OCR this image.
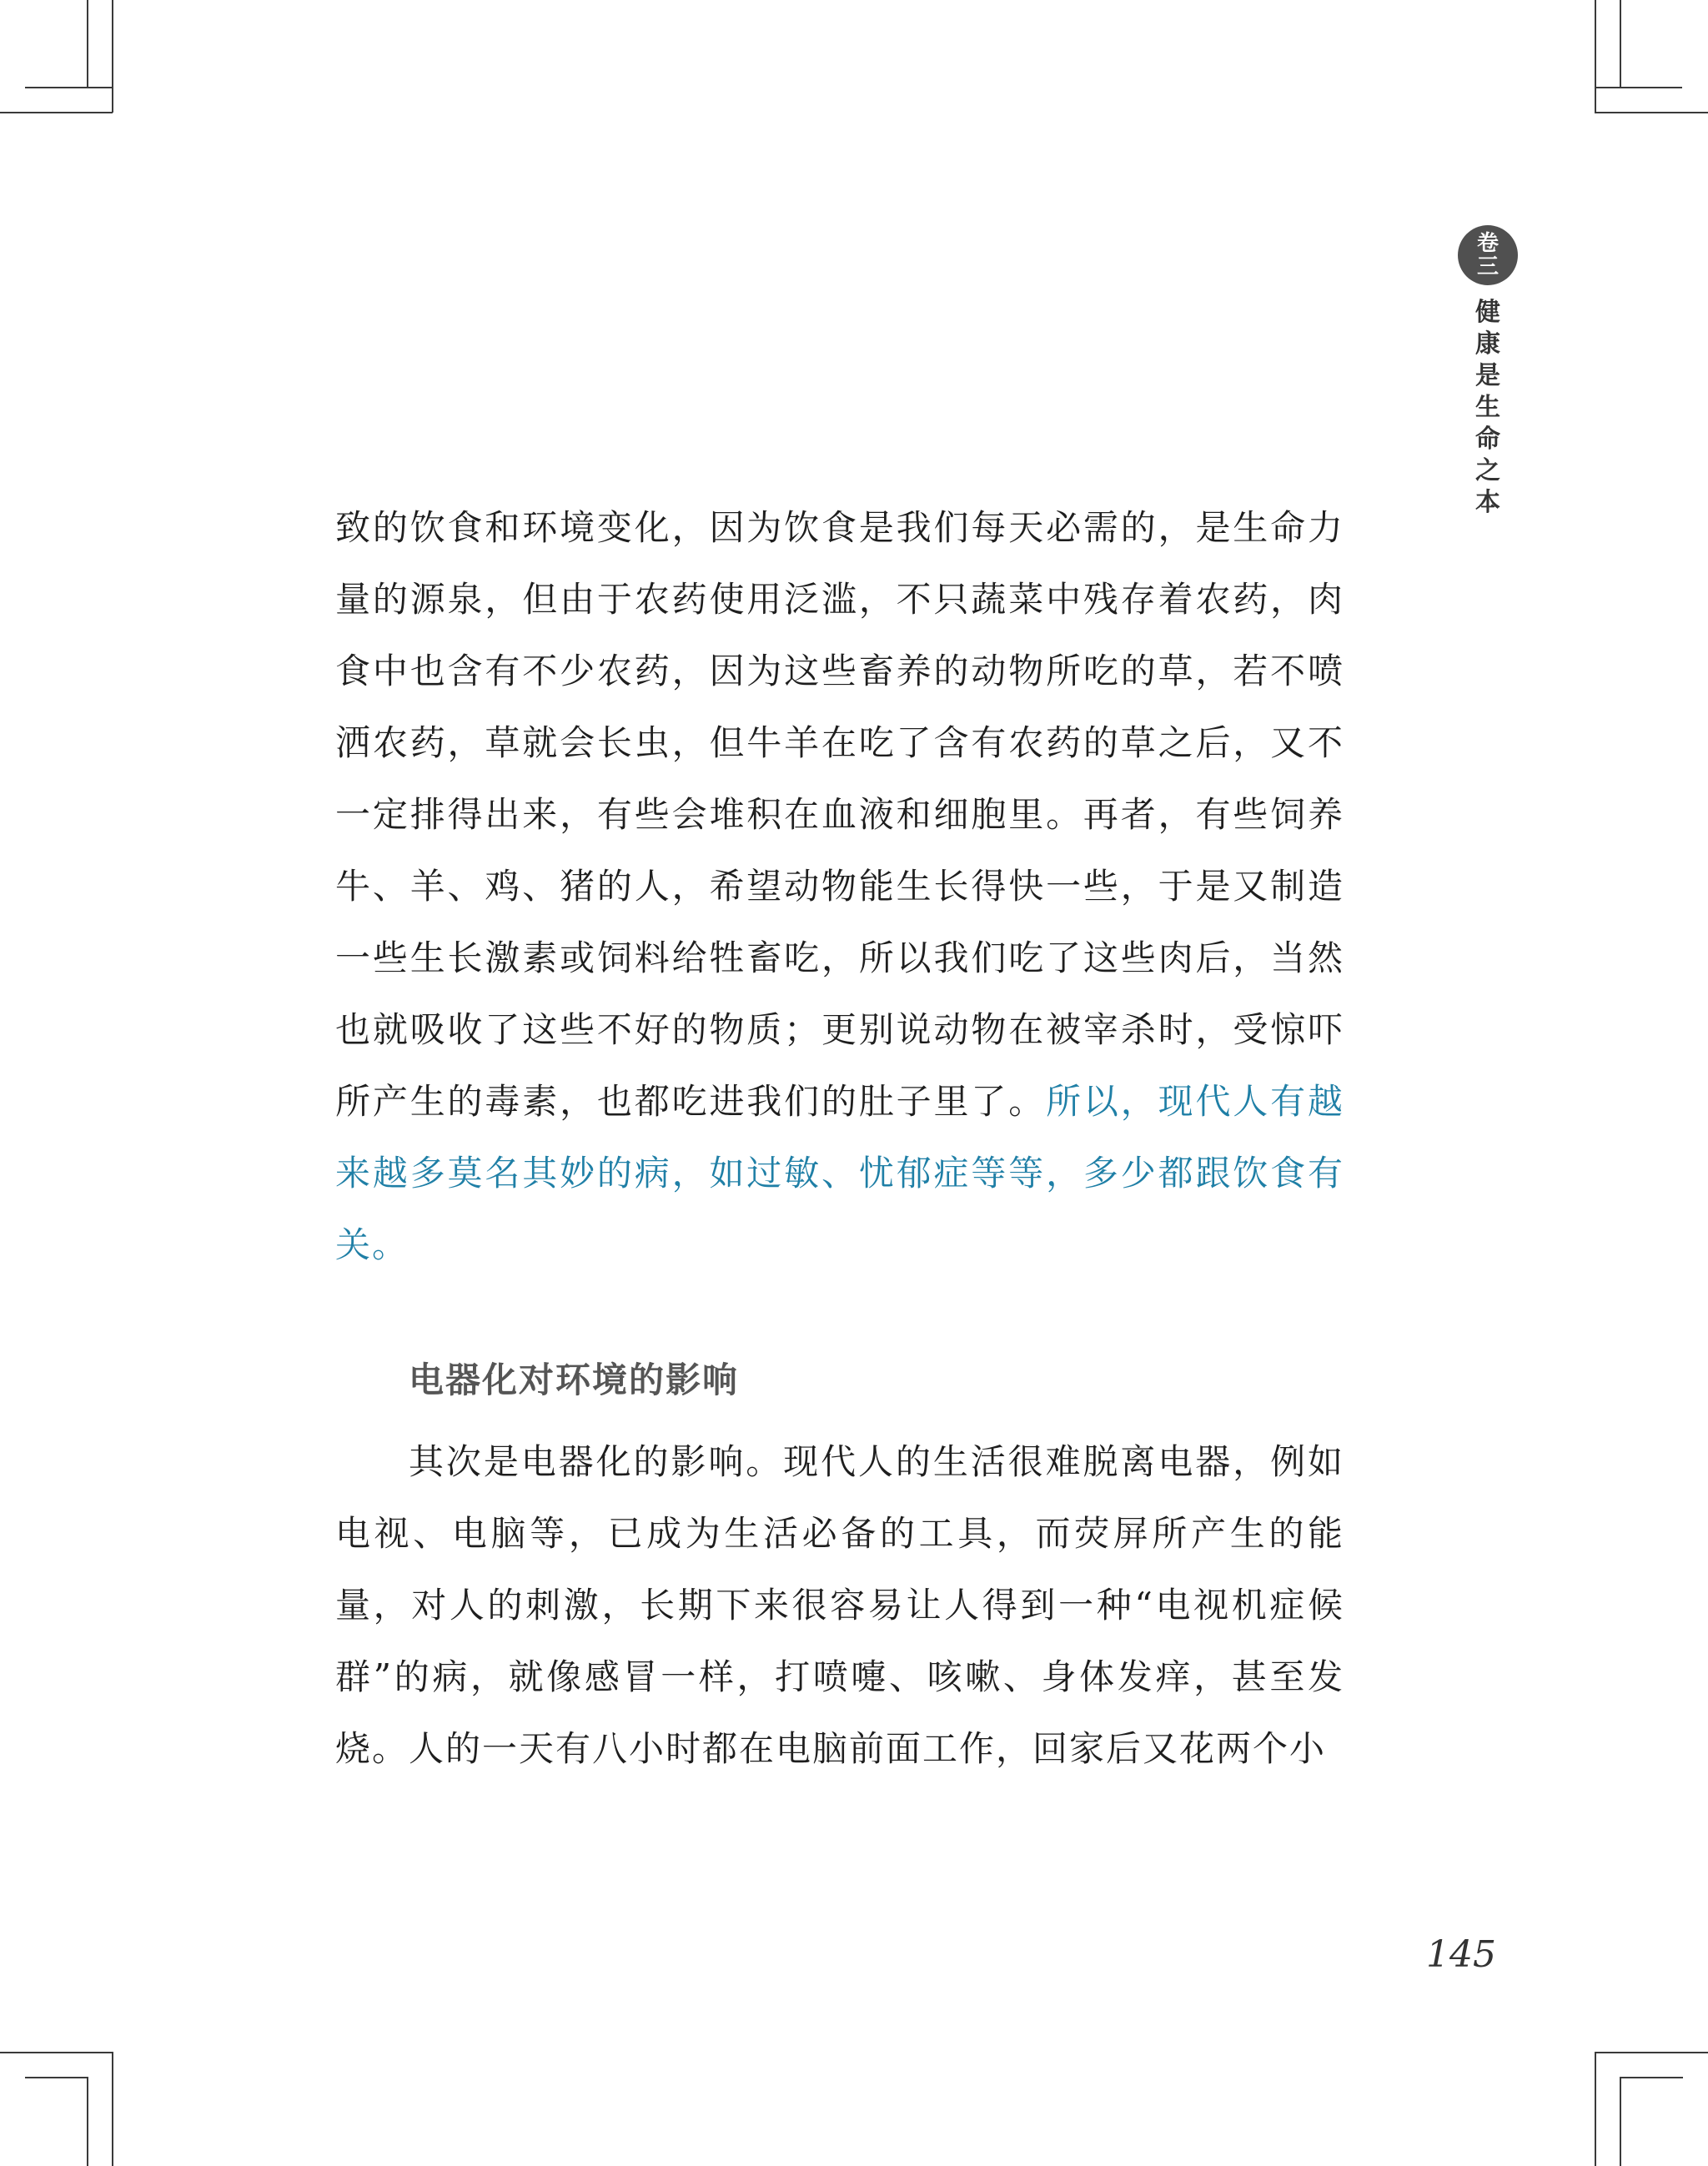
卷
三
健康是生命之本
致的饮食和环境变化，因为饮食是我们每天必需的，是生命力量的源泉，但由于农药使用泛滥，不只蔬菜中残存着农药，肉食中也含有不少农药，因为这些畜养的动物所吃的草，若不喷洒农药，草就会长虫，但牛羊在吃了含有农药的草之后，又不一定排得出来，有些会堆积在血液和细胞里。再者，有些饲养牛、羊、鸡、猪的人，希望动物能生长得快一些，于是又制造一些生长激素或饲料给牲畜吃，所以我们吃了这些肉后，当然也就吸收了这些不好的物质；更别说动物在被宰杀时，受惊吓所产生的毒素，也都吃进我们的肚子里了。所以，现代人有越来越多莫名其妙的病，如过敏、忧郁症等等，多少都跟饮食有关。
电器化对环境的影响
其次是电器化的影响。现代人的生活很难脱离电器，例如电视、电脑等，已成为生活必备的工具，而荧屏所产生的能量，对人的刺激，长期下来很容易让人得到一种“电视机症候群”的病，就像感冒一样，打喷嚏、咳嗽、身体发痒，甚至发烧。人的一天有八小时都在电脑前面工作，回家后又花两个小
145
